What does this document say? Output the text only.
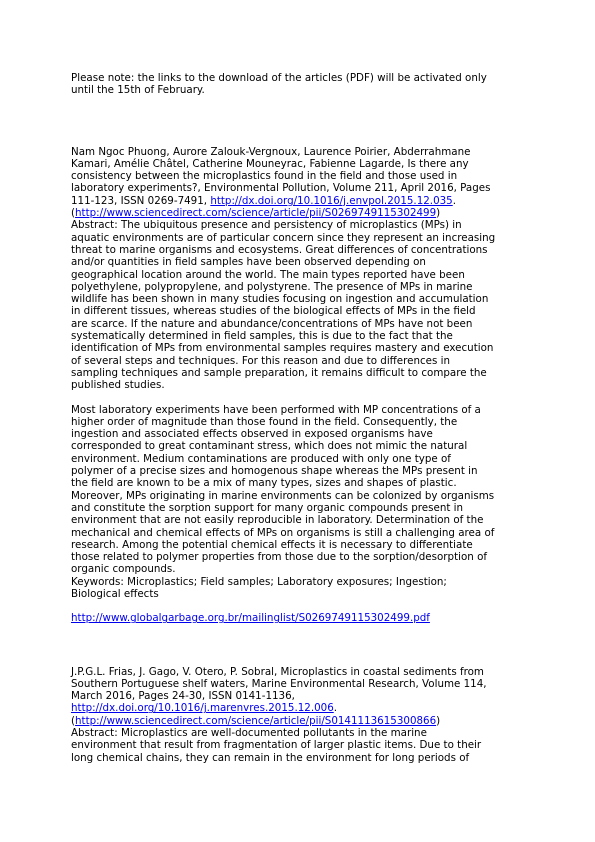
Please note: the links to the download of the articles (PDF) will be activated only
until the 15th of February.
Nam Ngoc Phuong, Aurore Zalouk-Vergnoux, Laurence Poirier, Abderrahmane
Kamari, Amélie Châtel, Catherine Mouneyrac, Fabienne Lagarde, Is there any
consistency between the microplastics found in the field and those used in
laboratory experiments?, Environmental Pollution, Volume 211, April 2016, Pages
111-123, ISSN 0269-7491, http://dx.doi.org/10.1016/j.envpol.2015.12.035.
(http://www.sciencedirect.com/science/article/pii/S0269749115302499)
Abstract: The ubiquitous presence and persistency of microplastics (MPs) in
aquatic environments are of particular concern since they represent an increasing
threat to marine organisms and ecosystems. Great differences of concentrations
and/or quantities in field samples have been observed depending on
geographical location around the world. The main types reported have been
polyethylene, polypropylene, and polystyrene. The presence of MPs in marine
wildlife has been shown in many studies focusing on ingestion and accumulation
in different tissues, whereas studies of the biological effects of MPs in the field
are scarce. If the nature and abundance/concentrations of MPs have not been
systematically determined in field samples, this is due to the fact that the
identification of MPs from environmental samples requires mastery and execution
of several steps and techniques. For this reason and due to differences in
sampling techniques and sample preparation, it remains difficult to compare the
published studies.
Most laboratory experiments have been performed with MP concentrations of a
higher order of magnitude than those found in the field. Consequently, the
ingestion and associated effects observed in exposed organisms have
corresponded to great contaminant stress, which does not mimic the natural
environment. Medium contaminations are produced with only one type of
polymer of a precise sizes and homogenous shape whereas the MPs present in
the field are known to be a mix of many types, sizes and shapes of plastic.
Moreover, MPs originating in marine environments can be colonized by organisms
and constitute the sorption support for many organic compounds present in
environment that are not easily reproducible in laboratory. Determination of the
mechanical and chemical effects of MPs on organisms is still a challenging area of
research. Among the potential chemical effects it is necessary to differentiate
those related to polymer properties from those due to the sorption/desorption of
organic compounds.
Keywords: Microplastics; Field samples; Laboratory exposures; Ingestion;
Biological effects
http://www.globalgarbage.org.br/mailinglist/S0269749115302499.pdf
J.P.G.L. Frias, J. Gago, V. Otero, P. Sobral, Microplastics in coastal sediments from
Southern Portuguese shelf waters, Marine Environmental Research, Volume 114,
March 2016, Pages 24-30, ISSN 0141-1136,
http://dx.doi.org/10.1016/j.marenvres.2015.12.006.
(http://www.sciencedirect.com/science/article/pii/S0141113615300866)
Abstract: Microplastics are well-documented pollutants in the marine
environment that result from fragmentation of larger plastic items. Due to their
long chemical chains, they can remain in the environment for long periods of
